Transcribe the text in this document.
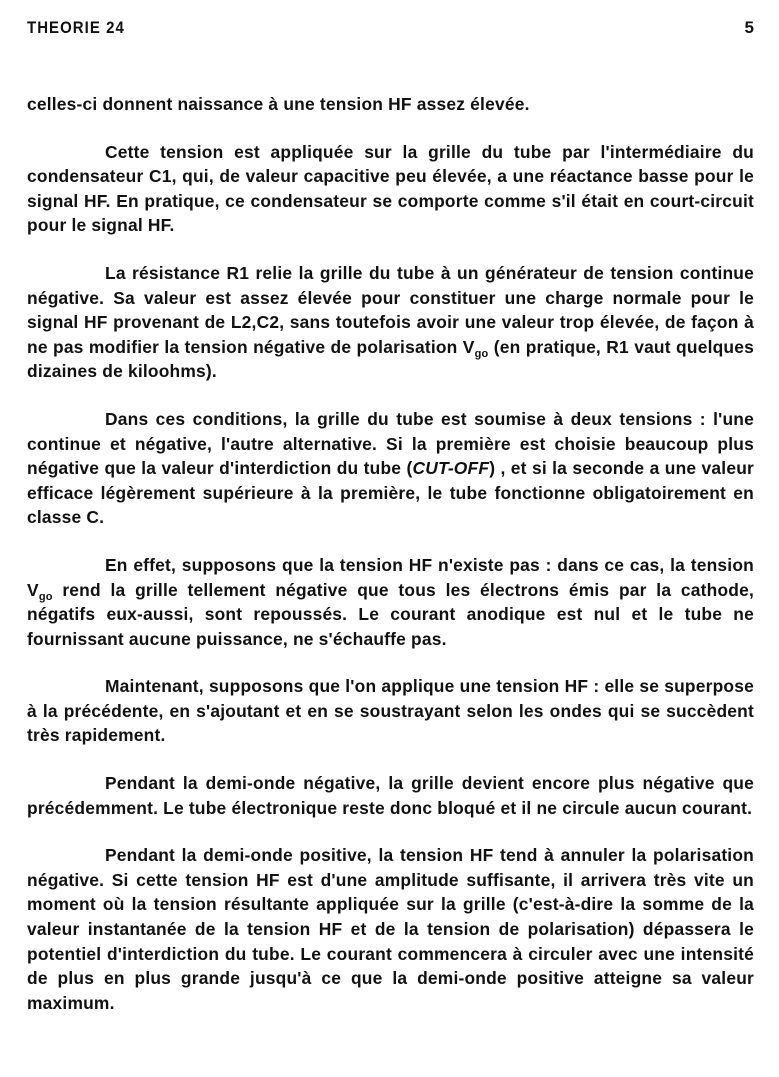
THEORIE 24	5

celles-ci donnent naissance à une tension HF assez élevée.

Cette tension est appliquée sur la grille du tube par l'intermédiaire du condensateur C1, qui, de valeur capacitive peu élevée, a une réactance basse pour le signal HF. En pratique, ce condensateur se comporte comme s'il était en court-circuit pour le signal HF.

La résistance R1 relie la grille du tube à un générateur de tension continue négative. Sa valeur est assez élevée pour constituer une charge normale pour le signal HF provenant de L2,C2, sans toutefois avoir une valeur trop élevée, de façon à ne pas modifier la tension négative de polarisation $V_{go}$ (en pratique, R1 vaut quelques dizaines de kiloohms).

Dans ces conditions, la grille du tube est soumise à deux tensions : l'une continue et négative, l'autre alternative. Si la première est choisie beaucoup plus négative que la valeur d'interdiction du tube (CUT-OFF) , et si la seconde a une valeur efficace légèrement supérieure à la première, le tube fonctionne obligatoirement en classe C.

En effet, supposons que la tension HF n'existe pas : dans ce cas, la tension $V_{go}$ rend la grille tellement négative que tous les électrons émis par la cathode, négatifs eux-aussi, sont repoussés. Le courant anodique est nul et le tube ne fournissant aucune puissance, ne s'échauffe pas.

Maintenant, supposons que l'on applique une tension HF : elle se superpose à la précédente, en s'ajoutant et en se soustrayant selon les ondes qui se succèdent très rapidement.

Pendant la demi-onde négative, la grille devient encore plus négative que précédemment. Le tube électronique reste donc bloqué et il ne circule aucun courant.

Pendant la demi-onde positive, la tension HF tend à annuler la polarisation négative. Si cette tension HF est d'une amplitude suffisante, il arrivera très vite un moment où la tension résultante appliquée sur la grille (c'est-à-dire la somme de la valeur instantanée de la tension HF et de la tension de polarisation) dépassera le potentiel d'interdiction du tube. Le courant commencera à circuler avec une intensité de plus en plus grande jusqu'à ce que la demi-onde positive atteigne sa valeur maximum.
